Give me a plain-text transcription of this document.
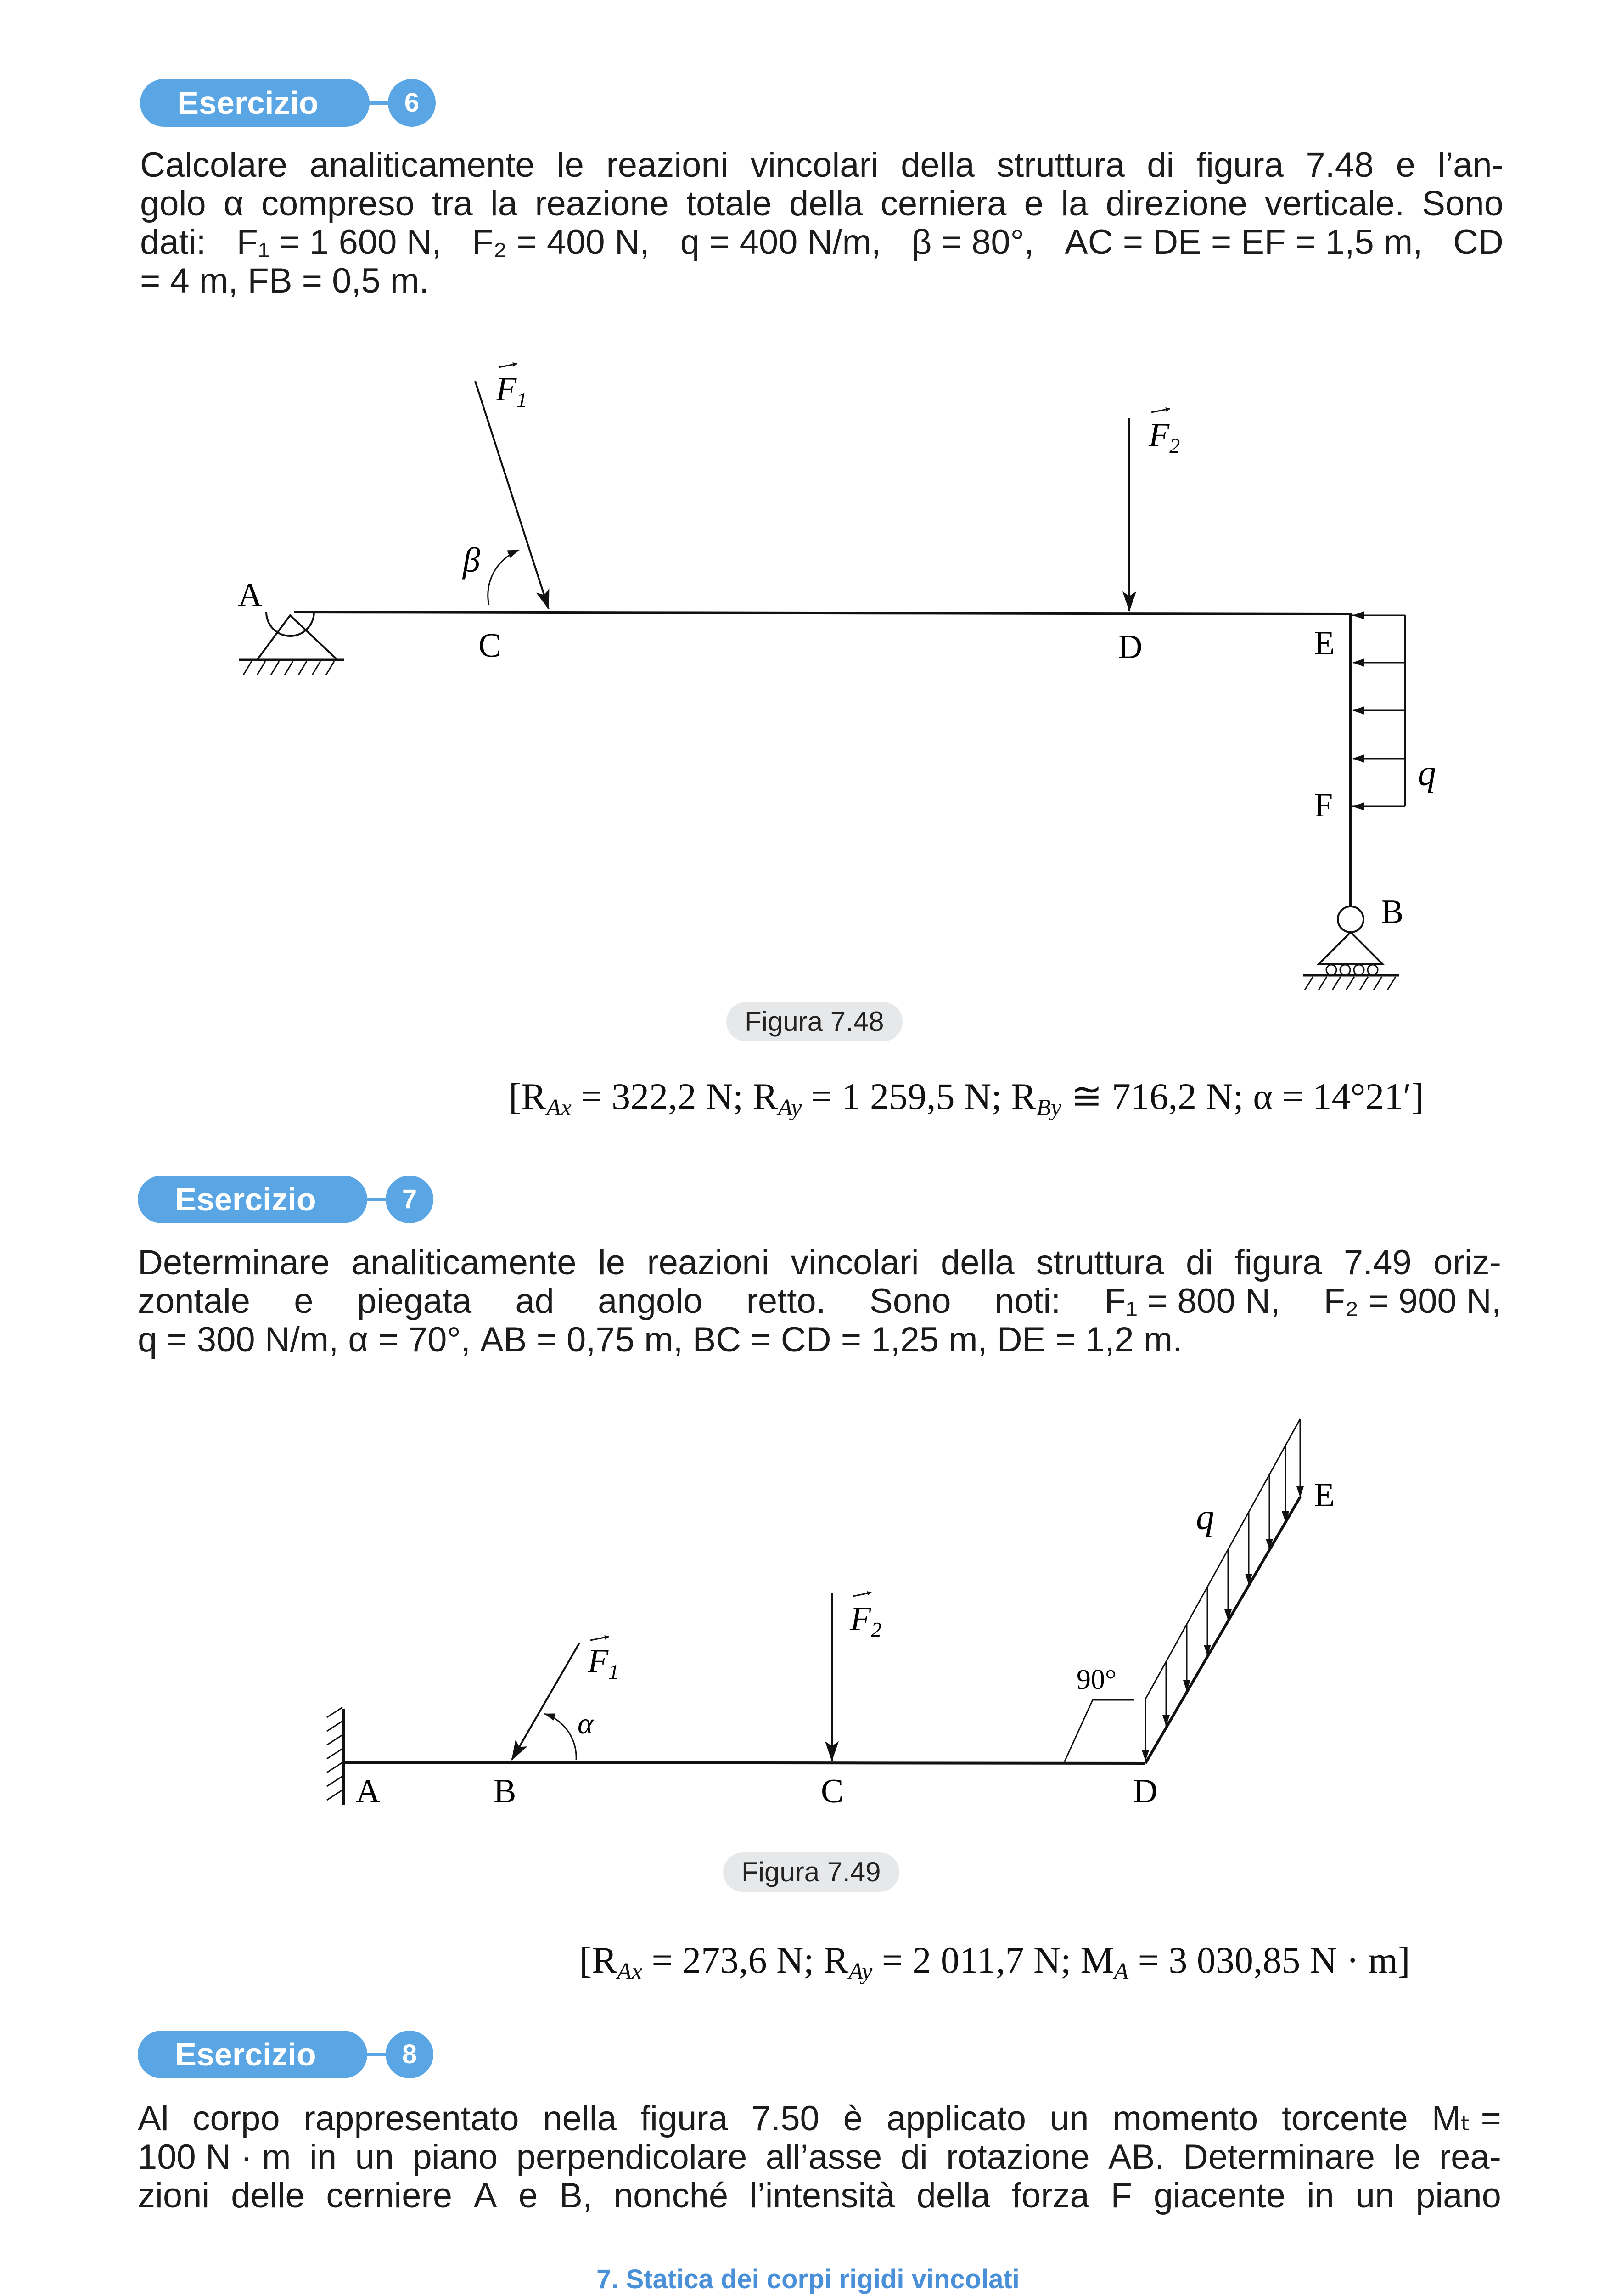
Esercizio	6
Calcolare analiticamente le reazioni vincolari della struttura di figura 7.48 e l’an-
golo α compreso tra la reazione totale della cerniera e la direzione verticale. Sono
dati: F₁ = 1 600 N, F₂ = 400 N, q = 400 N/m, β = 80°, AC = DE = EF = 1,5 m, CD
= 4 m, FB = 0,5 m.
A
F1
β
C
F2
D	E
F
q
B
Figura 7.48
[$R_{Ax} = 322,2$ N; $R_{Ay} = 1$ 259,5 N; $R_{By}$ ≅ 716,2 N; α = 14°21′]
Esercizio	7
Determinare analiticamente le reazioni vincolari della struttura di figura 7.49 oriz-
zontale e piegata ad angolo retto. Sono noti: F₁ = 800 N, F₂ = 900 N,
q = 300 N/m, α = 70°, AB = 0,75 m, BC = CD = 1,25 m, DE = 1,2 m.
A	B	C	D
E
F1
α
F2
90°
q
Figura 7.49
[$R_{Ax} = 273,6$ N; $R_{Ay} = 2$ 011,7 N; $M_A = 3$ 030,85 N · m]
Esercizio	8
Al corpo rappresentato nella figura 7.50 è applicato un momento torcente Mₜ =
100 N · m in un piano perpendicolare all’asse di rotazione AB. Determinare le rea-
zioni delle cerniere A e B, nonché l’intensità della forza F giacente in un piano
7. Statica dei corpi rigidi vincolati
